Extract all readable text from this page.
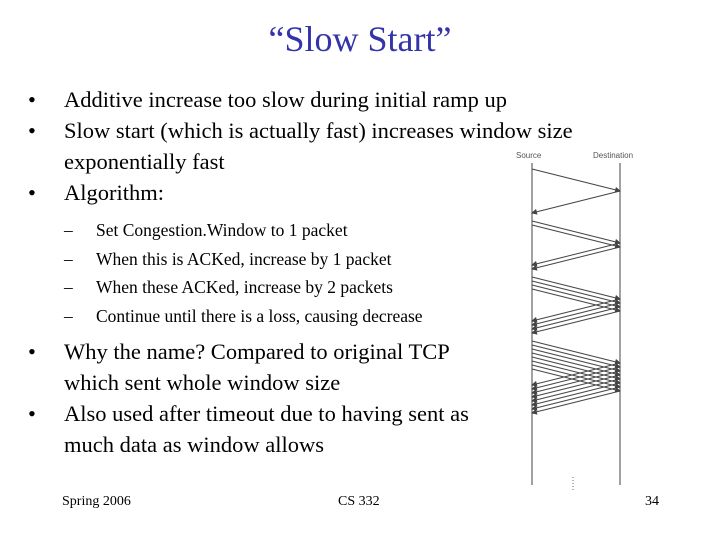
“Slow Start”
• Additive increase too slow during initial ramp up
• Slow start (which is actually fast) increases window size exponentially fast
• Algorithm:
– Set Congestion.Window to 1 packet
– When this is ACKed, increase by 1 packet
– When these ACKed, increase by 2 packets
– Continue until there is a loss, causing decrease
• Why the name? Compared to original TCP which sent whole window size
• Also used after timeout due to having sent as much data as window allows
Source	Destination
Spring 2006	CS 332	34
